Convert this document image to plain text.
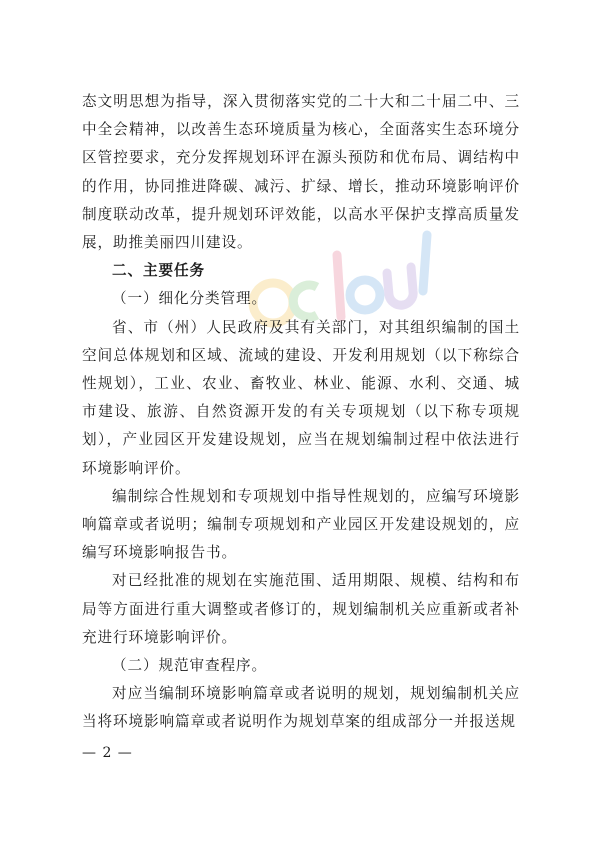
态文明思想为指导，深入贯彻落实党的二十大和二十届二中、三中全会精神，以改善生态环境质量为核心，全面落实生态环境分区管控要求，充分发挥规划环评在源头预防和优布局、调结构中的作用，协同推进降碳、减污、扩绿、增长，推动环境影响评价制度联动改革，提升规划环评效能，以高水平保护支撑高质量发展，助推美丽四川建设。

二、主要任务

（一）细化分类管理。

省、市（州）人民政府及其有关部门，对其组织编制的国土空间总体规划和区域、流域的建设、开发利用规划（以下称综合性规划），工业、农业、畜牧业、林业、能源、水利、交通、城市建设、旅游、自然资源开发的有关专项规划（以下称专项规划），产业园区开发建设规划，应当在规划编制过程中依法进行环境影响评价。

编制综合性规划和专项规划中指导性规划的，应编写环境影响篇章或者说明；编制专项规划和产业园区开发建设规划的，应编写环境影响报告书。

对已经批准的规划在实施范围、适用期限、规模、结构和布局等方面进行重大调整或者修订的，规划编制机关应重新或者补充进行环境影响评价。

（二）规范审查程序。

对应当编制环境影响篇章或者说明的规划，规划编制机关应当将环境影响篇章或者说明作为规划草案的组成部分一并报送规

— 2 —
